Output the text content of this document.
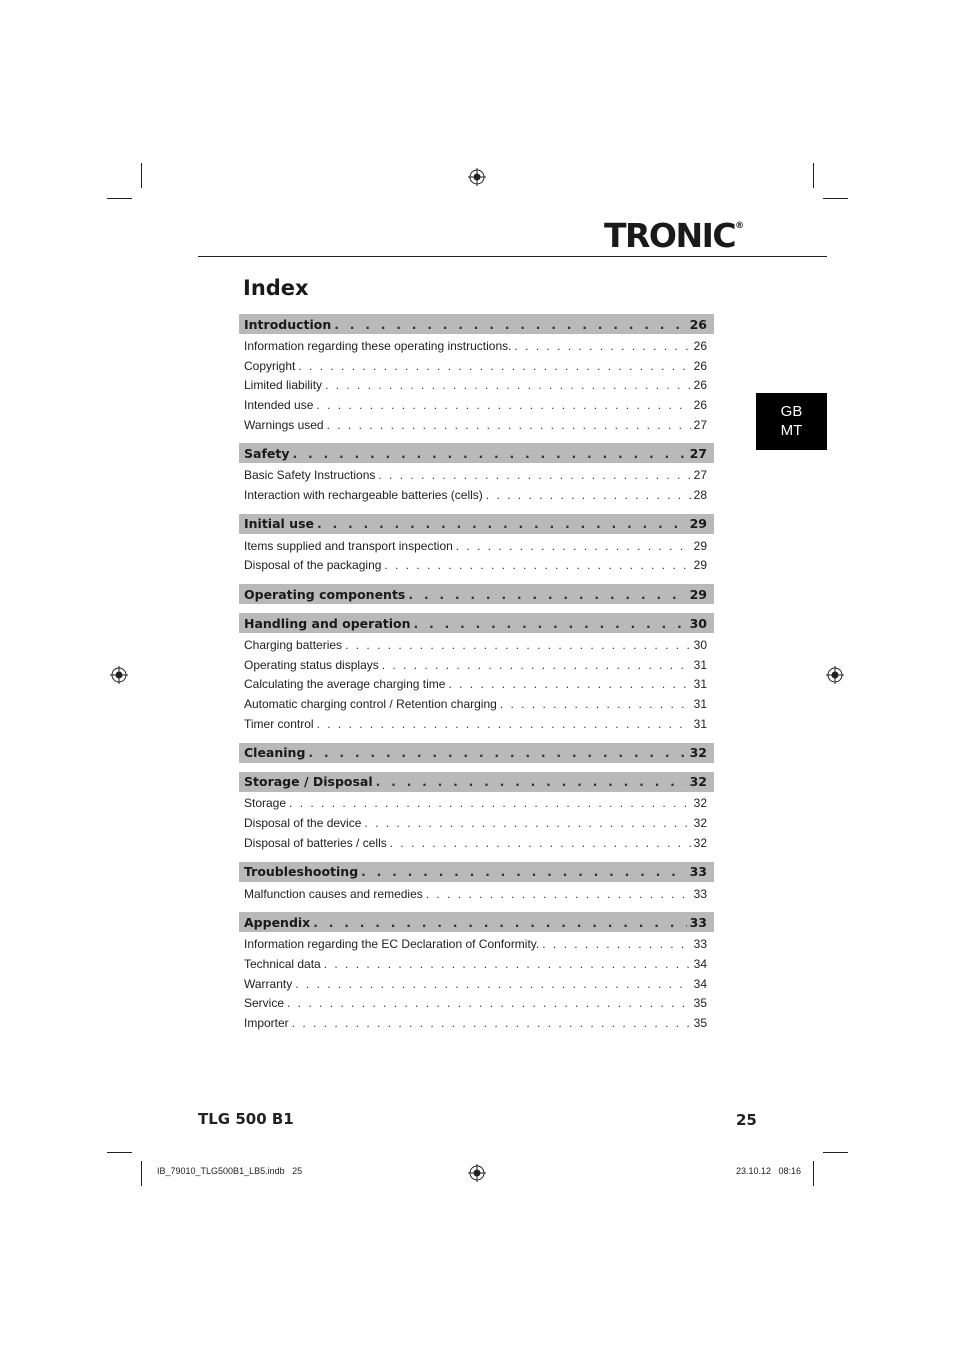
TRONIC®
Index
GB
MT
Introduction . . .	26
Information regarding these operating instructions. . . .	26
Copyright . . .	26
Limited liability . . .	26
Intended use . . .	26
Warnings used . . .	27
Safety . . .	27
Basic Safety Instructions . . .	27
Interaction with rechargeable batteries (cells) . . .	28
Initial use . . .	29
Items supplied and transport inspection . . .	29
Disposal of the packaging . . .	29
Operating components . . .	29
Handling and operation . . .	30
Charging batteries . . .	30
Operating status displays . . .	31
Calculating the average charging time . . .	31
Automatic charging control / Retention charging . . .	31
Timer control . . .	31
Cleaning . . .	32
Storage / Disposal . . .	32
Storage . . .	32
Disposal of the device . . .	32
Disposal of batteries / cells . . .	32
Troubleshooting . . .	33
Malfunction causes and remedies . . .	33
Appendix . . .	33
Information regarding the EC Declaration of Conformity. . . .	33
Technical data . . .	34
Warranty . . .	34
Service . . .	35
Importer . . .	35
TLG 500 B1	25
IB_79010_TLG500B1_LB5.indb   25	23.10.12   08:16
